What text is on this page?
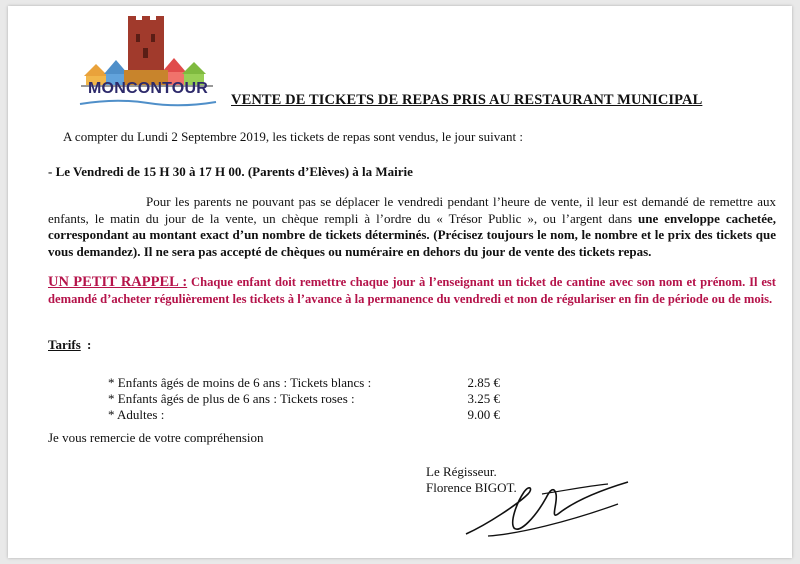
MONCONTOUR
VENTE DE TICKETS DE REPAS PRIS AU RESTAURANT MUNICIPAL
A compter du Lundi 2 Septembre 2019, les tickets de repas sont vendus, le jour suivant :
- Le Vendredi de 15 H 30 à 17 H 00. (Parents d’Elèves) à la Mairie
Pour les parents ne pouvant pas se déplacer le vendredi pendant l’heure de vente, il leur est demandé de remettre aux enfants, le matin du jour de la vente, un chèque rempli à l’ordre du « Trésor Public », ou l’argent dans une enveloppe cachetée, correspondant au montant exact d’un nombre de tickets déterminés. (Précisez toujours le nom, le nombre et le prix des tickets que vous demandez). Il ne sera pas accepté de chèques ou numéraire en dehors du jour de vente des tickets repas.
UN PETIT RAPPEL : Chaque enfant doit remettre chaque jour à l’enseignant un ticket de cantine avec son nom et prénom. Il est demandé d’acheter régulièrement les tickets à l’avance à la permanence du vendredi et non de régulariser en fin de période ou de mois.
Tarifs :
* Enfants âgés de moins de 6 ans : Tickets blancs :	2.85 €
* Enfants âgés de plus de 6 ans : Tickets roses :	3.25 €
* Adultes :	9.00 €
Je vous remercie de votre compréhension
Le Régisseur.
Florence BIGOT.
